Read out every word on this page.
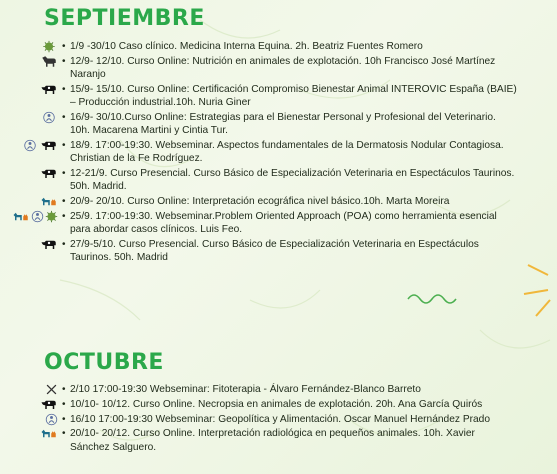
SEPTIEMBRE
• 1/9 -30/10 Caso clínico. Medicina Interna Equina. 2h. Beatriz Fuentes Romero
• 12/9- 12/10. Curso Online: Nutrición en animales de explotación. 10h Francisco José Martínez Naranjo
• 15/9- 15/10. Curso Online: Certificación Compromiso Bienestar Animal INTEROVIC España (BAIE) – Producción industrial.10h. Nuria Giner
• 16/9- 30/10.Curso Online: Estrategias para el Bienestar Personal y Profesional del Veterinario. 10h. Macarena Martini y Cintia Tur.
• 18/9. 17:00-19:30. Webseminar. Aspectos fundamentales de la Dermatosis Nodular Contagiosa. Christian de la Fe Rodríguez.
• 12-21/9. Curso Presencial. Curso Básico de Especialización Veterinaria en Espectáculos Taurinos. 50h. Madrid.
• 20/9- 20/10. Curso Online: Interpretación ecográfica nivel básico.10h. Marta Moreira
• 25/9. 17:00-19:30. Webseminar.Problem Oriented Approach (POA) como herramienta esencial para abordar casos clínicos. Luis Feo.
• 27/9-5/10. Curso Presencial. Curso Básico de Especialización Veterinaria en Espectáculos Taurinos. 50h. Madrid
OCTUBRE
• 2/10 17:00-19:30 Webseminar: Fitoterapia - Álvaro Fernández-Blanco Barreto
• 10/10- 10/12. Curso Online. Necropsia en animales de explotación. 20h. Ana García Quirós
• 16/10 17:00-19:30 Webseminar: Geopolítica y Alimentación. Oscar Manuel Hernández Prado
• 20/10- 20/12. Curso Online. Interpretación radiológica en pequeños animales. 10h. Xavier Sánchez Salguero.
